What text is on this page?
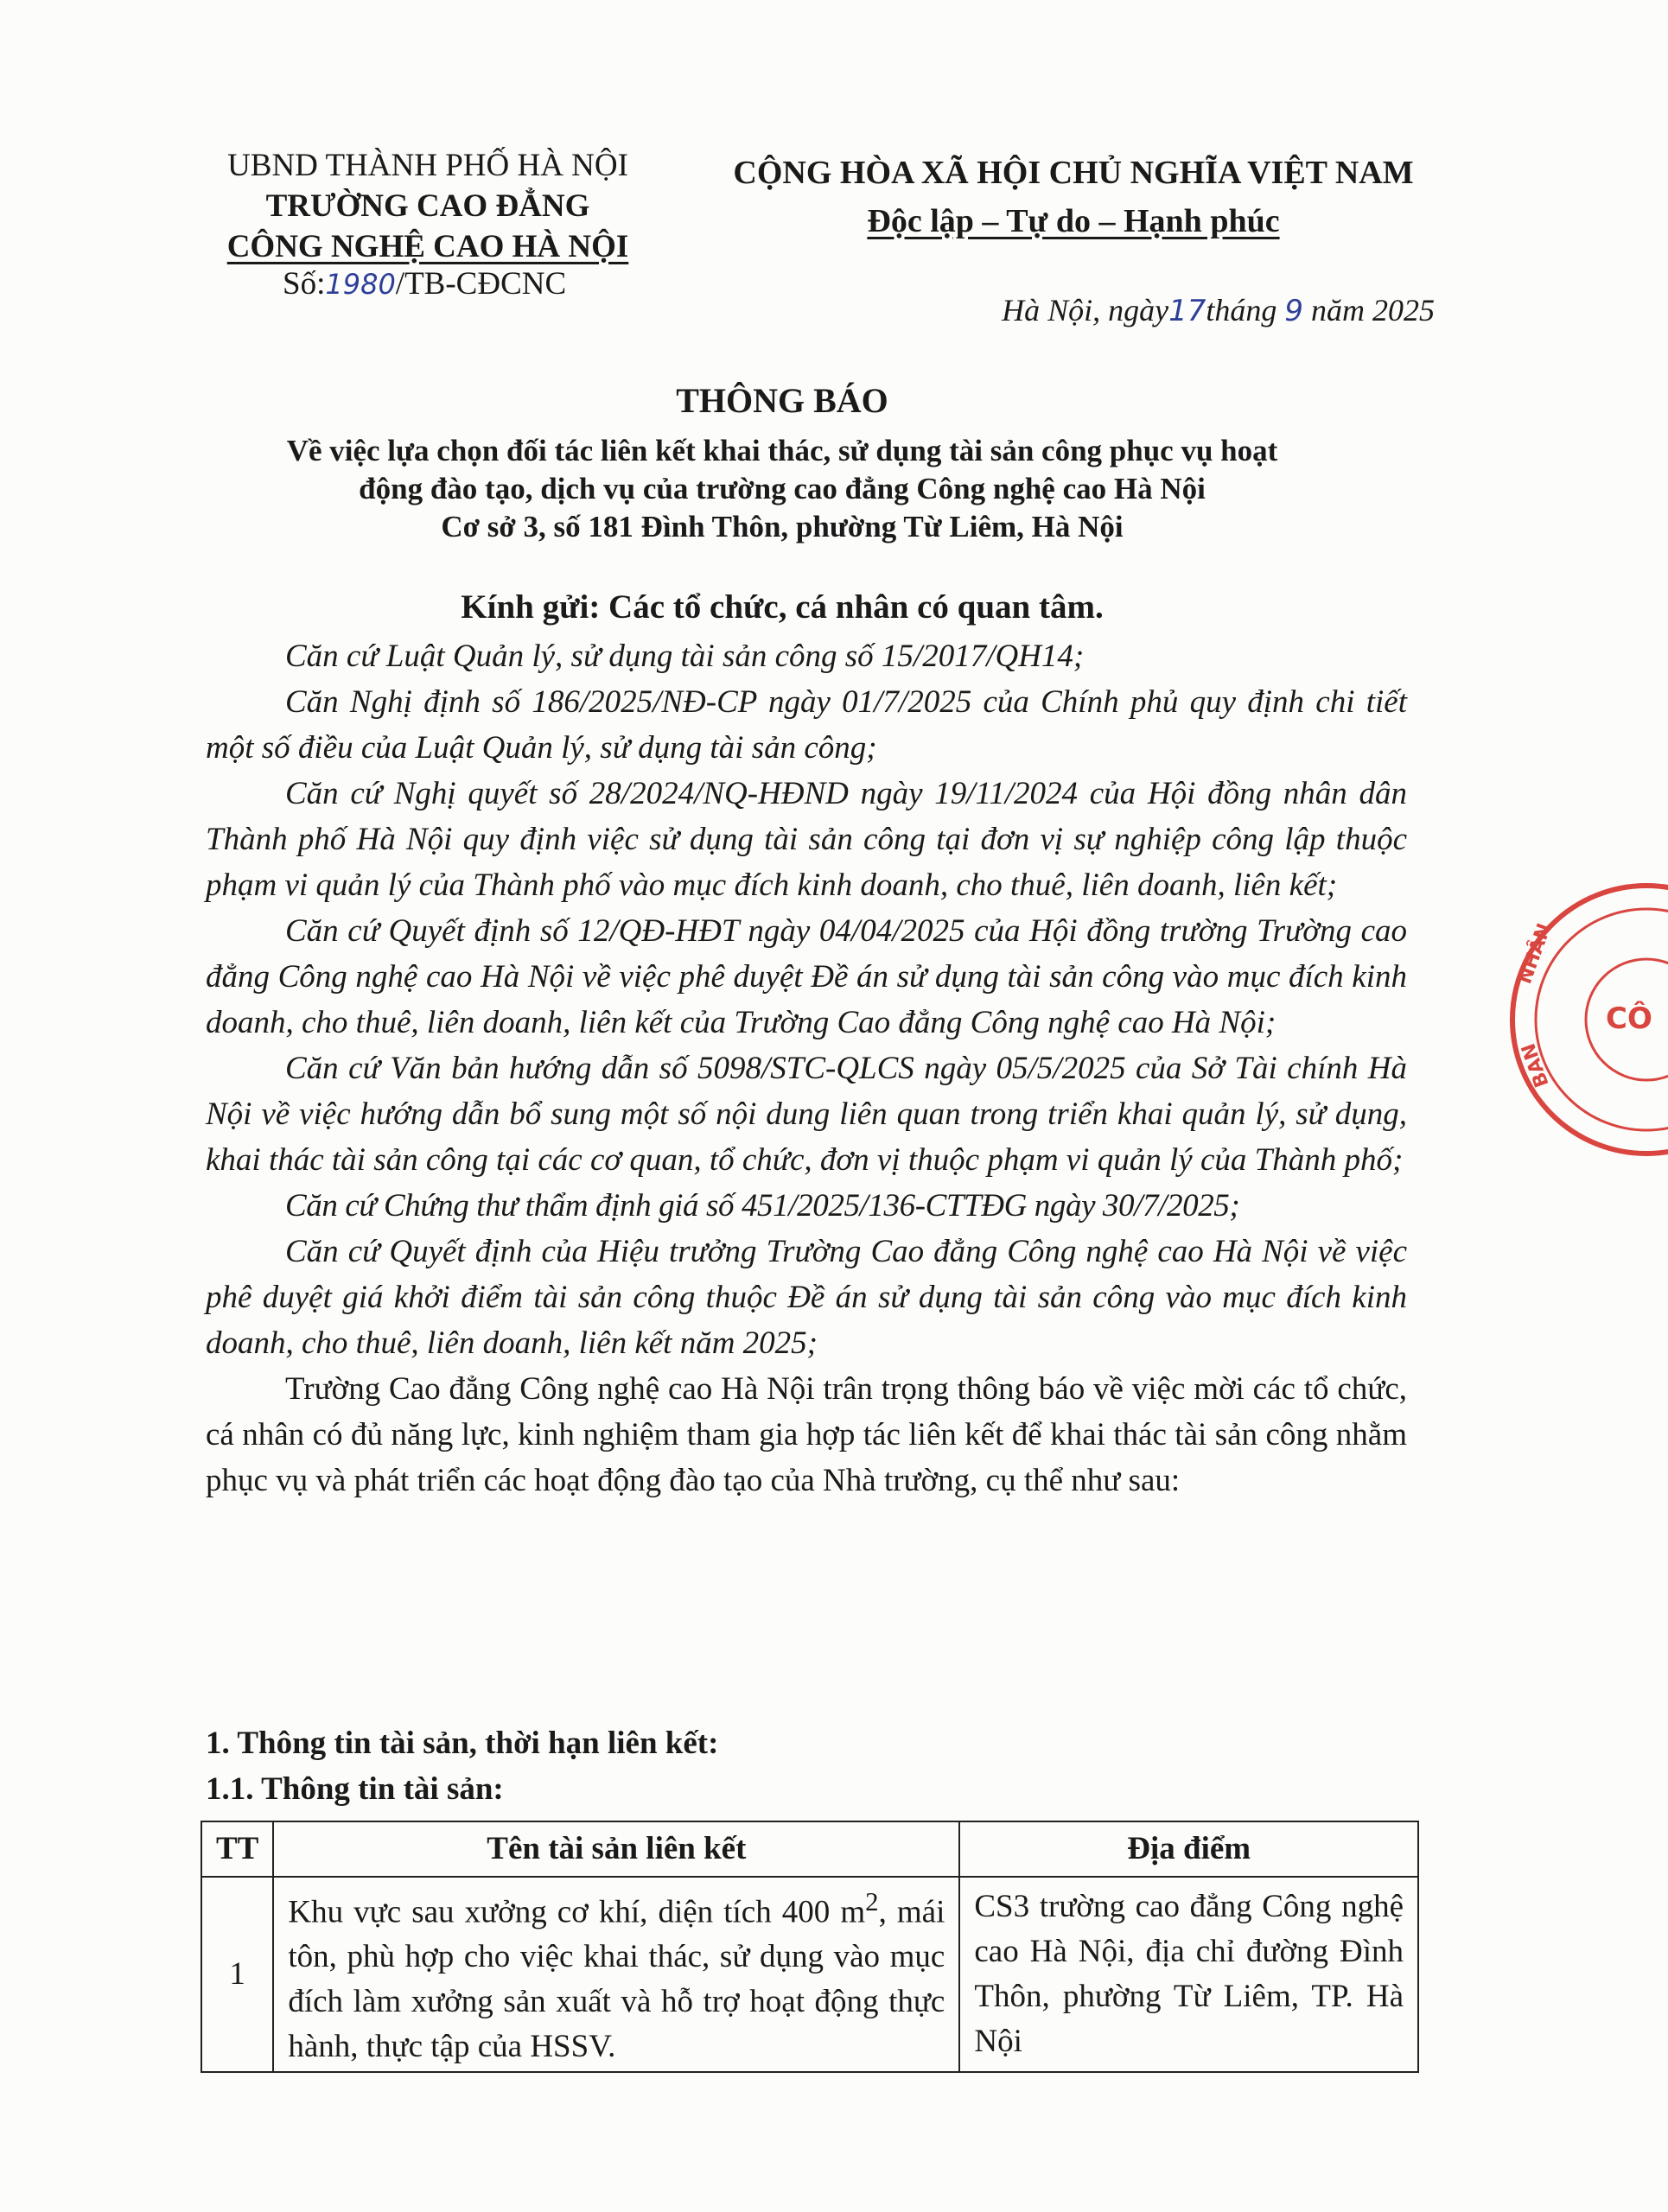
UBND THÀNH PHỐ HÀ NỘI
TRƯỜNG CAO ĐẲNG
CÔNG NGHỆ CAO HÀ NỘI
Số:1980/TB-CĐCNC
CỘNG HÒA XÃ HỘI CHỦ NGHĨA VIỆT NAM
Độc lập – Tự do – Hạnh phúc
Hà Nội, ngày17tháng 9 năm 2025
THÔNG BÁO
Về việc lựa chọn đối tác liên kết khai thác, sử dụng tài sản công phục vụ hoạt
động đào tạo, dịch vụ của trường cao đẳng Công nghệ cao Hà Nội
Cơ sở 3, số 181 Đình Thôn, phường Từ Liêm, Hà Nội
Kính gửi: Các tổ chức, cá nhân có quan tâm.

Căn cứ Luật Quản lý, sử dụng tài sản công số 15/2017/QH14;

Căn Nghị định số 186/2025/NĐ-CP ngày 01/7/2025 của Chính phủ quy định chi tiết một số điều của Luật Quản lý, sử dụng tài sản công;

Căn cứ Nghị quyết số 28/2024/NQ-HĐND ngày 19/11/2024 của Hội đồng nhân dân Thành phố Hà Nội quy định việc sử dụng tài sản công tại đơn vị sự nghiệp công lập thuộc phạm vi quản lý của Thành phố vào mục đích kinh doanh, cho thuê, liên doanh, liên kết;

Căn cứ Quyết định số 12/QĐ-HĐT ngày 04/04/2025 của Hội đồng trường Trường cao đẳng Công nghệ cao Hà Nội về việc phê duyệt Đề án sử dụng tài sản công vào mục đích kinh doanh, cho thuê, liên doanh, liên kết của Trường Cao đẳng Công nghệ cao Hà Nội;

Căn cứ Văn bản hướng dẫn số 5098/STC-QLCS ngày 05/5/2025 của Sở Tài chính Hà Nội về việc hướng dẫn bổ sung một số nội dung liên quan trong triển khai quản lý, sử dụng, khai thác tài sản công tại các cơ quan, tổ chức, đơn vị thuộc phạm vi quản lý của Thành phố;

Căn cứ Chứng thư thẩm định giá số 451/2025/136-CTTĐG ngày 30/7/2025;

Căn cứ Quyết định của Hiệu trưởng Trường Cao đẳng Công nghệ cao Hà Nội về việc phê duyệt giá khởi điểm tài sản công thuộc Đề án sử dụng tài sản công vào mục đích kinh doanh, cho thuê, liên doanh, liên kết năm 2025;

Trường Cao đẳng Công nghệ cao Hà Nội trân trọng thông báo về việc mời các tổ chức, cá nhân có đủ năng lực, kinh nghiệm tham gia hợp tác liên kết để khai thác tài sản công nhằm phục vụ và phát triển các hoạt động đào tạo của Nhà trường, cụ thể như sau:

1. Thông tin tài sản, thời hạn liên kết:
1.1. Thông tin tài sản:
TT	Tên tài sản liên kết	Địa điểm
1	Khu vực sau xưởng cơ khí, diện tích 400 $m^2$, mái tôn, phù hợp cho việc khai thác, sử dụng vào mục đích làm xưởng sản xuất và hỗ trợ hoạt động thực hành, thực tập của HSSV.	CS3 trường cao đẳng Công nghệ cao Hà Nội, địa chỉ đường Đình Thôn, phường Từ Liêm, TP. Hà Nội
CÔ
NHÂN
BAN
